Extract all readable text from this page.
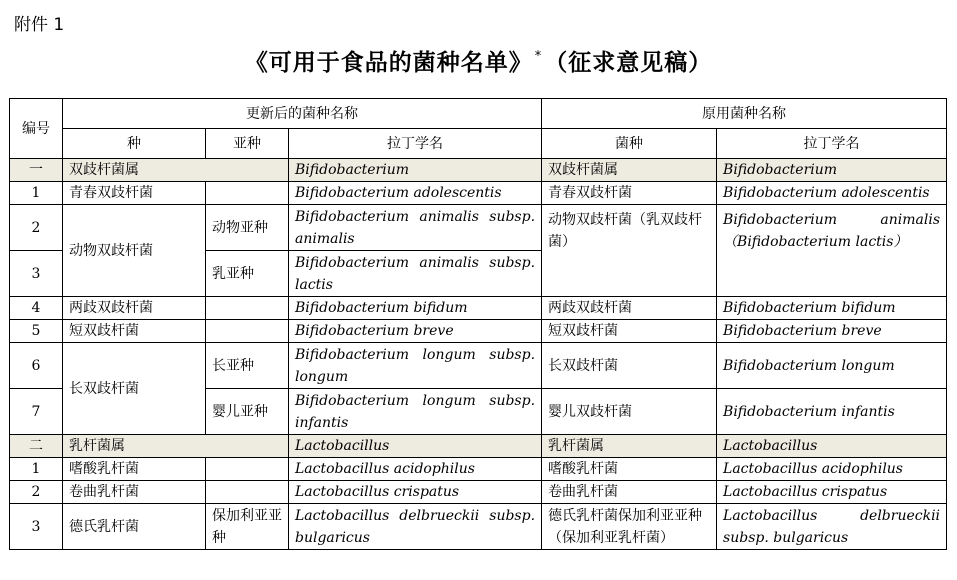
附件 1
《可用于食品的菌种名单》 *（征求意见稿）
编号	更新后的菌种名称			原用菌种名称	
	种	亚种	拉丁学名	菌种	拉丁学名
一	双歧杆菌属		Bifidobacterium	双歧杆菌属	Bifidobacterium
1	青春双歧杆菌		Bifidobacterium adolescentis	青春双歧杆菌	Bifidobacterium adolescentis
2	动物双歧杆菌	动物亚种	Bifidobacterium animalis subsp. animalis	动物双歧杆菌（乳双歧杆菌）	Bifidobacterium animalis（Bifidobacterium lactis）
3		乳亚种	Bifidobacterium animalis subsp. lactis		
4	两歧双歧杆菌		Bifidobacterium bifidum	两歧双歧杆菌	Bifidobacterium bifidum
5	短双歧杆菌		Bifidobacterium breve	短双歧杆菌	Bifidobacterium breve
6	长双歧杆菌	长亚种	Bifidobacterium longum subsp. longum	长双歧杆菌	Bifidobacterium longum
7		婴儿亚种	Bifidobacterium longum subsp. infantis	婴儿双歧杆菌	Bifidobacterium infantis
二	乳杆菌属		Lactobacillus	乳杆菌属	Lactobacillus
1	嗜酸乳杆菌		Lactobacillus acidophilus	嗜酸乳杆菌	Lactobacillus acidophilus
2	卷曲乳杆菌		Lactobacillus crispatus	卷曲乳杆菌	Lactobacillus crispatus
3	德氏乳杆菌	保加利亚亚种	Lactobacillus delbrueckii subsp. bulgaricus	德氏乳杆菌保加利亚亚种（保加利亚乳杆菌）	Lactobacillus delbrueckii subsp. bulgaricus
